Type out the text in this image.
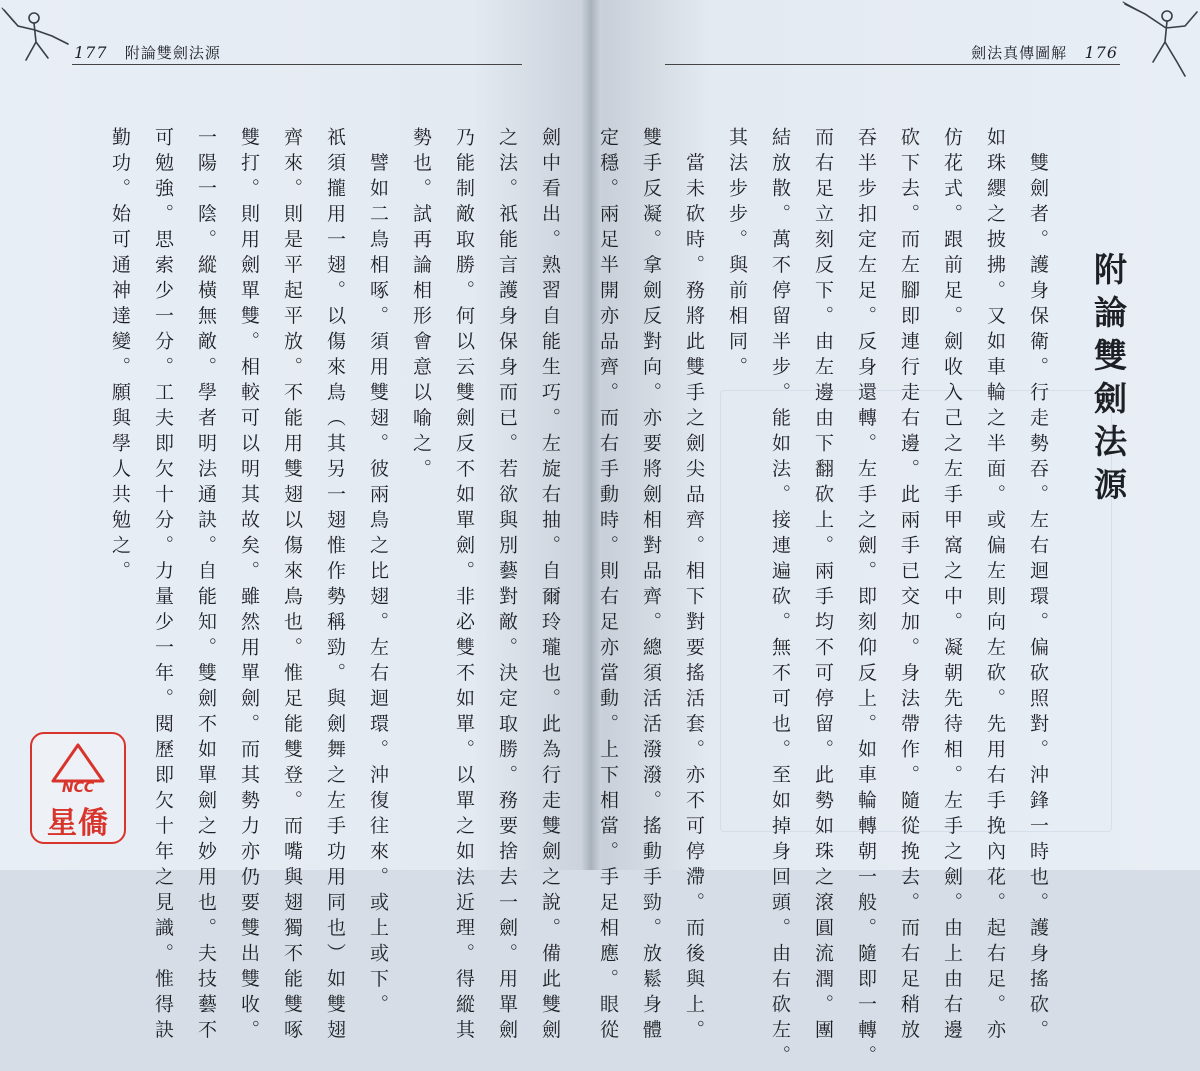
177 附論雙劍法源	劍法真傳圖解 176
附論雙劍法源
劍中看出。熟習自能生巧。左旋右抽。自爾玲瓏也。此為行走雙劍之說。備此雙劍
之法。祇能言護身保身而已。若欲與別藝對敵。決定取勝。務要捨去一劍。用單劍
乃能制敵取勝。何以云雙劍反不如單劍。非必雙不如單。以單之如法近理。得縱其
勢也。試再論相形會意以喻之。
　譬如二鳥相啄。須用雙翅。彼兩鳥之比翅。左右迴環。沖復往來。或上或下。
祇須攏用一翅。以傷來鳥（其另一翅惟作勢稱勁。與劍舞之左手功用同也）如雙翅
齊來。則是平起平放。不能用雙翅以傷來鳥也。惟足能雙登。而嘴與翅獨不能雙啄
雙打。則用劍單雙。相較可以明其故矣。雖然用單劍。而其勢力亦仍要雙出雙收。
一陽一陰。縱橫無敵。學者明法通訣。自能知。雙劍不如單劍之妙用也。夫技藝不
可勉強。思索少一分。工夫即欠十分。力量少一年。閱歷即欠十年之見識。惟得訣
勤功。始可通神達變。願與學人共勉之。	　雙劍者。護身保衛。行走勢吞。左右迴環。偏砍照對。沖鋒一時也。護身搖砍。
如珠纓之披拂。又如車輪之半面。或偏左則向左砍。先用右手挽內花。起右足。亦
仿花式。跟前足。劍收入己之左手甲窩之中。凝朝先待相。左手之劍。由上由右邊
砍下去。而左腳即連行走右邊。此兩手已交加。身法帶作。隨從挽去。而右足稍放
吞半步扣定左足。反身還轉。左手之劍。即刻仰反上。如車輪轉朝一般。隨即一轉。
而右足立刻反下。由左邊由下翻砍上。兩手均不可停留。此勢如珠之滾圓流潤。團
結放散。萬不停留半步。能如法。接連遍砍。無不可也。至如掉身回頭。由右砍左。
其法步步。與前相同。
　當未砍時。務將此雙手之劍尖品齊。相下對要搖活套。亦不可停滯。而後與上。
雙手反凝。拿劍反對向。亦要將劍相對品齊。總須活活潑潑。搖動手勁。放鬆身體
定穩。兩足半開亦品齊。而右手動時。則右足亦當動。上下相當。手足相應。眼從
NCC
星僑
